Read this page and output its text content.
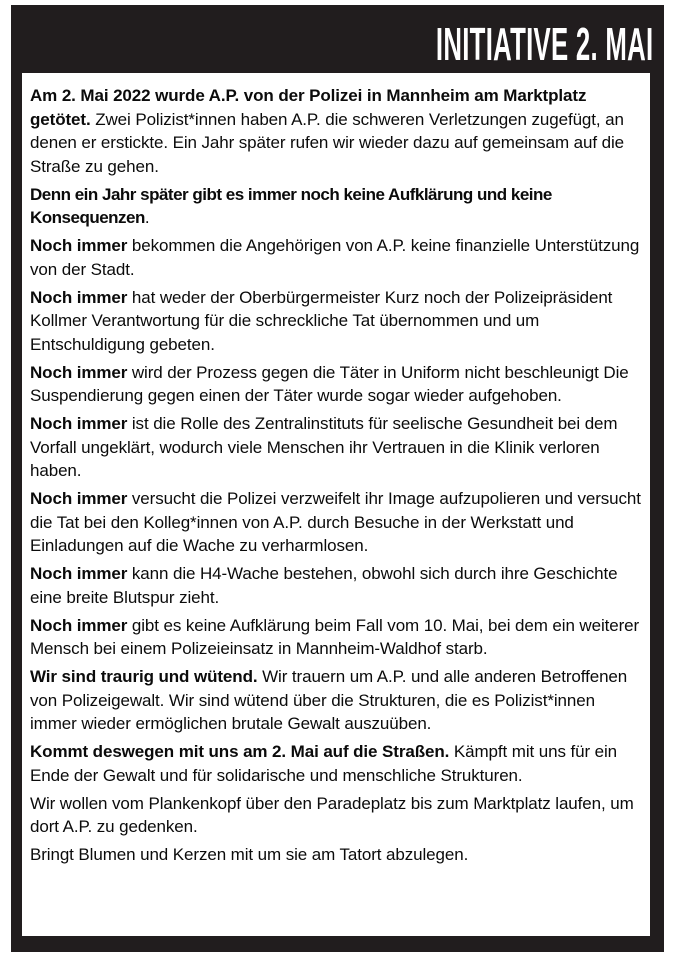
INITIATIVE 2. MAI

Am 2. Mai 2022 wurde A.P. von der Polizei in Mannheim am Marktplatz getötet. Zwei Polizist*innen haben A.P. die schweren Verletzungen zugefügt, an denen er erstickte. Ein Jahr später rufen wir wieder dazu auf gemeinsam auf die Straße zu gehen.

Denn ein Jahr später gibt es immer noch keine Aufklärung und keine Konsequenzen.

Noch immer bekommen die Angehörigen von A.P. keine finanzielle Unterstützung von der Stadt.

Noch immer hat weder der Oberbürgermeister Kurz noch der Polizeipräsident Kollmer Verantwortung für die schreckliche Tat übernommen und um Entschuldigung gebeten.

Noch immer wird der Prozess gegen die Täter in Uniform nicht beschleunigt Die Suspendierung gegen einen der Täter wurde sogar wieder aufgehoben.

Noch immer ist die Rolle des Zentralinstituts für seelische Gesundheit bei dem Vorfall ungeklärt, wodurch viele Menschen ihr Vertrauen in die Klinik verloren haben.

Noch immer versucht die Polizei verzweifelt ihr Image aufzupolieren und versucht die Tat bei den Kolleg*innen von A.P. durch Besuche in der Werkstatt und Einladungen auf die Wache zu verharmlosen.

Noch immer kann die H4-Wache bestehen, obwohl sich durch ihre Geschichte eine breite Blutspur zieht.

Noch immer gibt es keine Aufklärung beim Fall vom 10. Mai, bei dem ein weiterer Mensch bei einem Polizeieinsatz in Mannheim-Waldhof starb.

Wir sind traurig und wütend. Wir trauern um A.P. und alle anderen Betroffenen von Polizeigewalt. Wir sind wütend über die Strukturen, die es Polizist*innen immer wieder ermöglichen brutale Gewalt auszuüben.

Kommt deswegen mit uns am 2. Mai auf die Straßen. Kämpft mit uns für ein Ende der Gewalt und für solidarische und menschliche Strukturen.

Wir wollen vom Plankenkopf über den Paradeplatz bis zum Marktplatz laufen, um dort A.P. zu gedenken.

Bringt Blumen und Kerzen mit um sie am Tatort abzulegen.
